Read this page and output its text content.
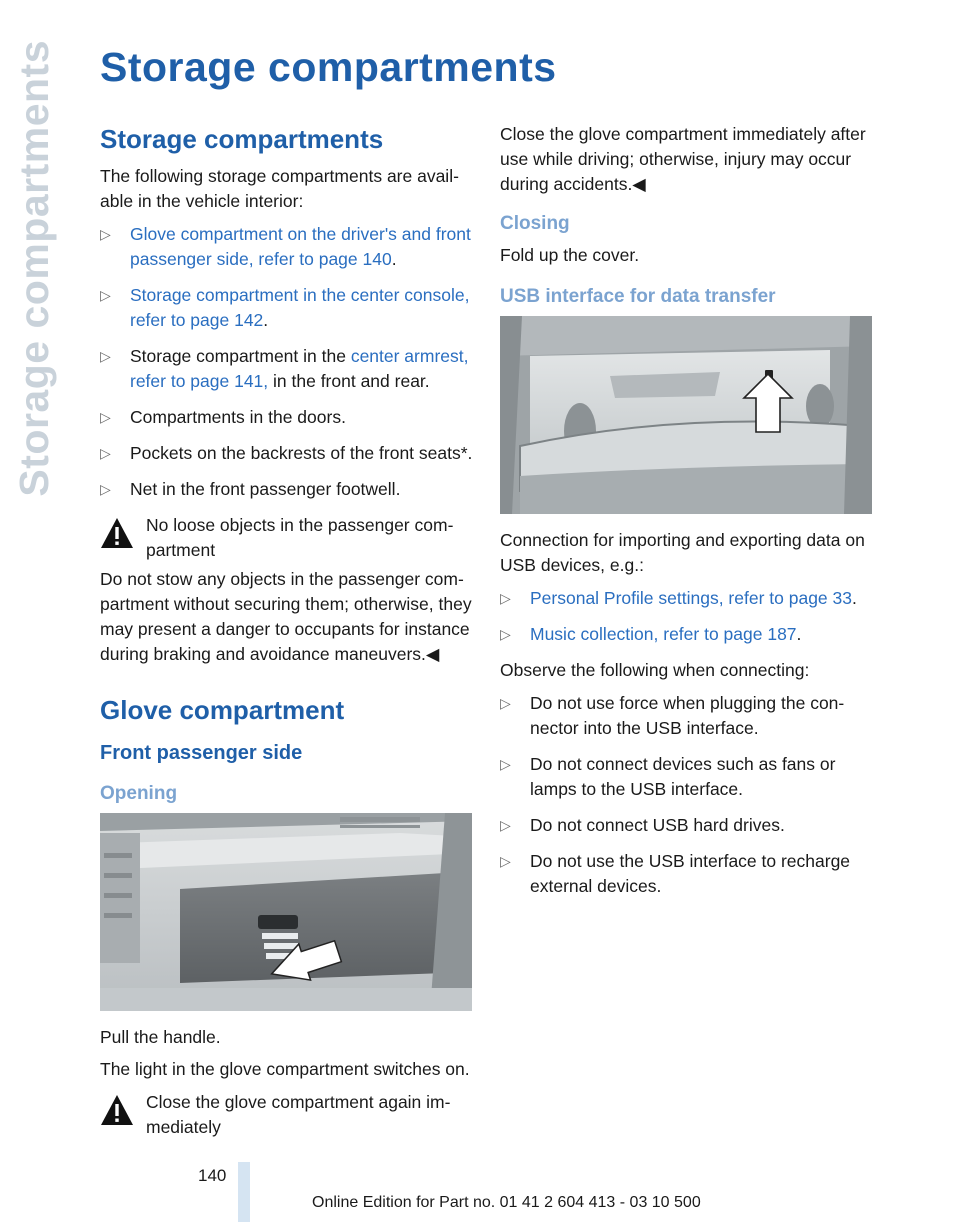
Storage compartments Storage compartments
Storage compartments

The following storage compartments are available in the vehicle interior:

▷ Glove compartment on the driver's and front passenger side, refer to page 140.
▷ Storage compartment in the center console, refer to page 142.
▷ Storage compartment in the center armrest, refer to page 141, in the front and rear.
▷ Compartments in the doors.
▷ Pockets on the backrests of the front seats*.
▷ Net in the front passenger footwell.
No loose objects in the passenger compartment

Do not stow any objects in the passenger compartment without securing them; otherwise, they may present a danger to occupants for instance during braking and avoidance maneuvers.◀

Glove compartment
Front passenger side
Opening

Pull the handle.

The light in the glove compartment switches on.

Close the glove compartment again immediately

Close the glove compartment immediately after use while driving; otherwise, injury may occur during accidents.◀

Closing

Fold up the cover.

USB interface for data transfer

Connection for importing and exporting data on USB devices, e.g.:

▷ Personal Profile settings, refer to page 33.
▷ Music collection, refer to page 187.

Observe the following when connecting:

▷ Do not use force when plugging the connector into the USB interface.
▷ Do not connect devices such as fans or lamps to the USB interface.
▷ Do not connect USB hard drives.
▷ Do not use the USB interface to recharge external devices.
140
Online Edition for Part no. 01 41 2 604 413 - 03 10 500
